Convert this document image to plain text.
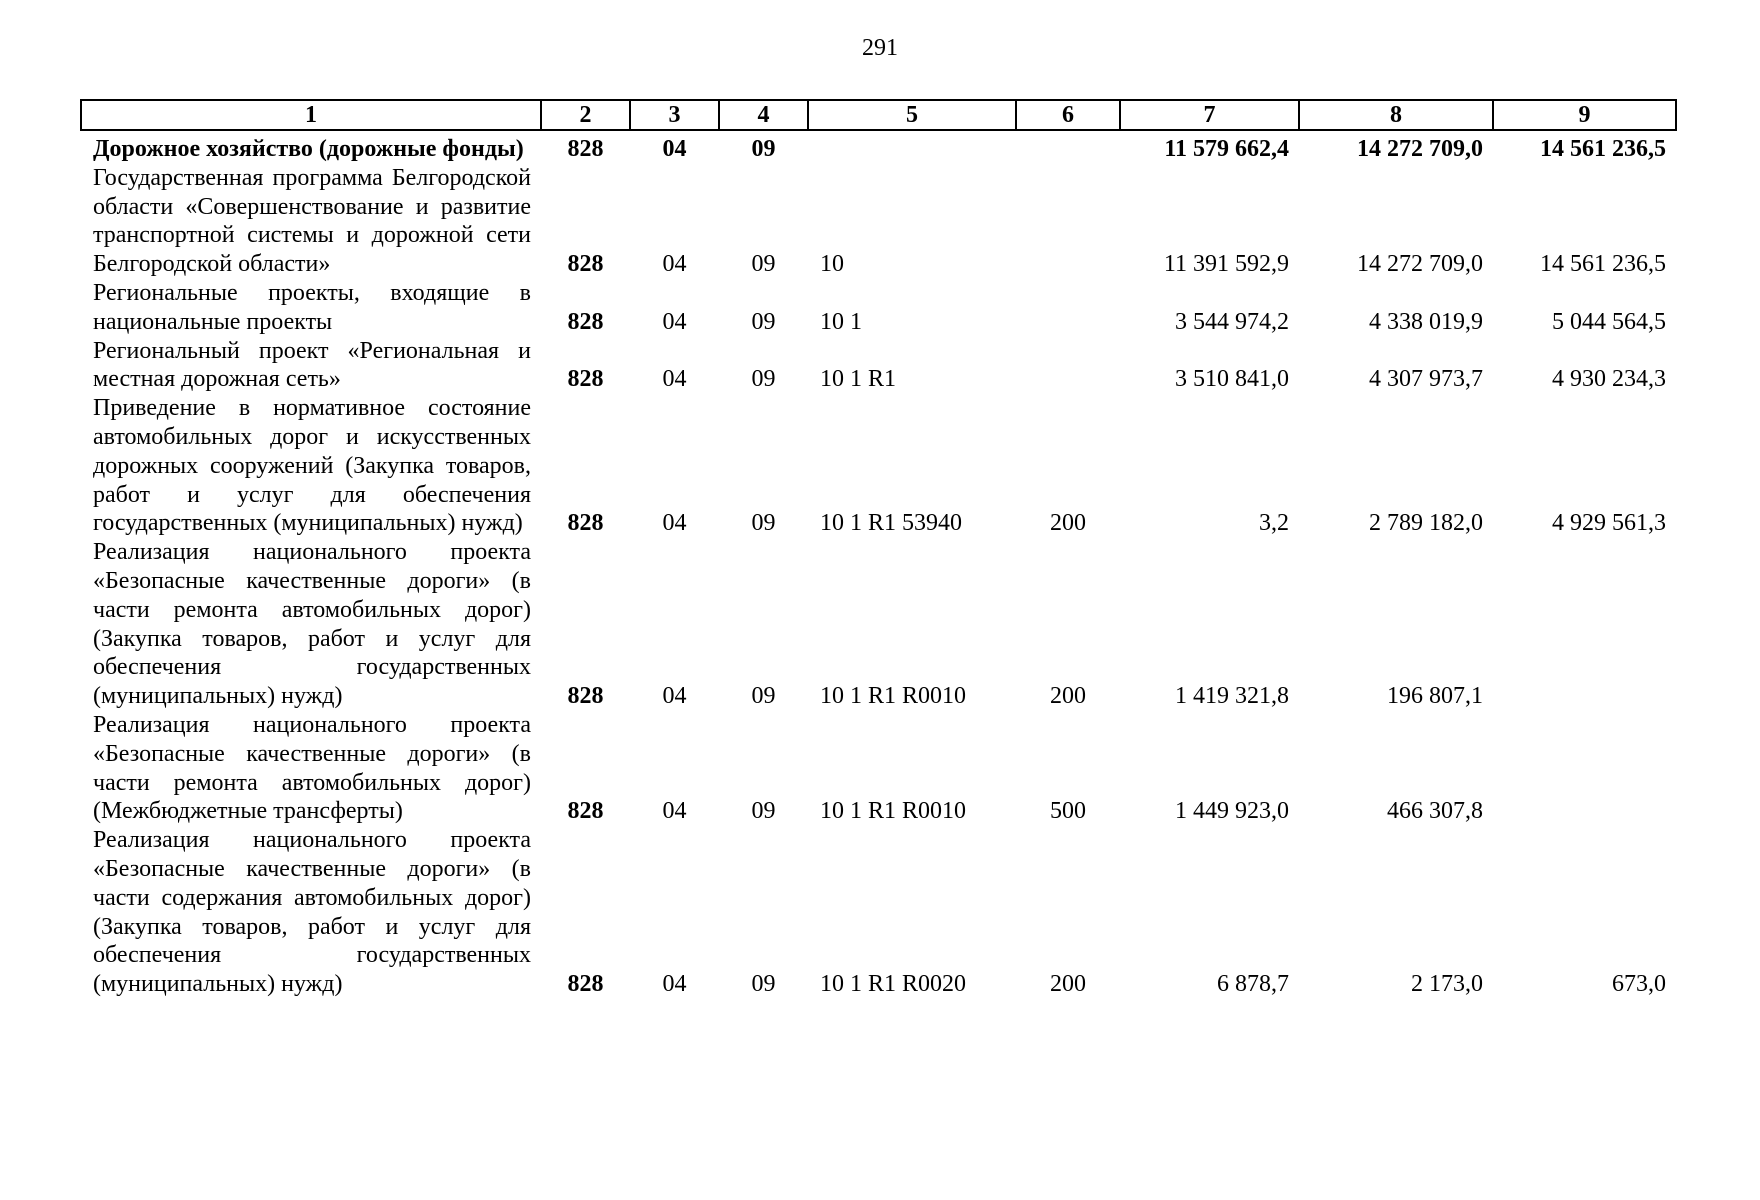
291
1	2	3	4	5	6	7	8	9
Дорожное хозяйство (дорожные фонды)	828	04	09			11 579 662,4	14 272 709,0	14 561 236,5
Государственная программа Белгородской области «Совершенствование и развитие транспортной системы и дорожной сети Белгородской области»	828	04	09	10		11 391 592,9	14 272 709,0	14 561 236,5
Региональные проекты, входящие в национальные проекты	828	04	09	10 1		3 544 974,2	4 338 019,9	5 044 564,5
Региональный проект «Региональная и местная дорожная сеть»	828	04	09	10 1 R1		3 510 841,0	4 307 973,7	4 930 234,3
Приведение в нормативное состояние автомобильных дорог и искусственных дорожных сооружений (Закупка товаров, работ и услуг для обеспечения государственных (муниципальных) нужд)	828	04	09	10 1 R1 53940	200	3,2	2 789 182,0	4 929 561,3
Реализация национального проекта «Безопасные качественные дороги» (в части ремонта автомобильных дорог) (Закупка товаров, работ и услуг для обеспечения государственных (муниципальных) нужд)	828	04	09	10 1 R1 R0010	200	1 419 321,8	196 807,1	
Реализация национального проекта «Безопасные качественные дороги» (в части ремонта автомобильных дорог) (Межбюджетные трансферты)	828	04	09	10 1 R1 R0010	500	1 449 923,0	466 307,8	
Реализация национального проекта «Безопасные качественные дороги» (в части содержания автомобильных дорог) (Закупка товаров, работ и услуг для обеспечения государственных (муниципальных) нужд)	828	04	09	10 1 R1 R0020	200	6 878,7	2 173,0	673,0
